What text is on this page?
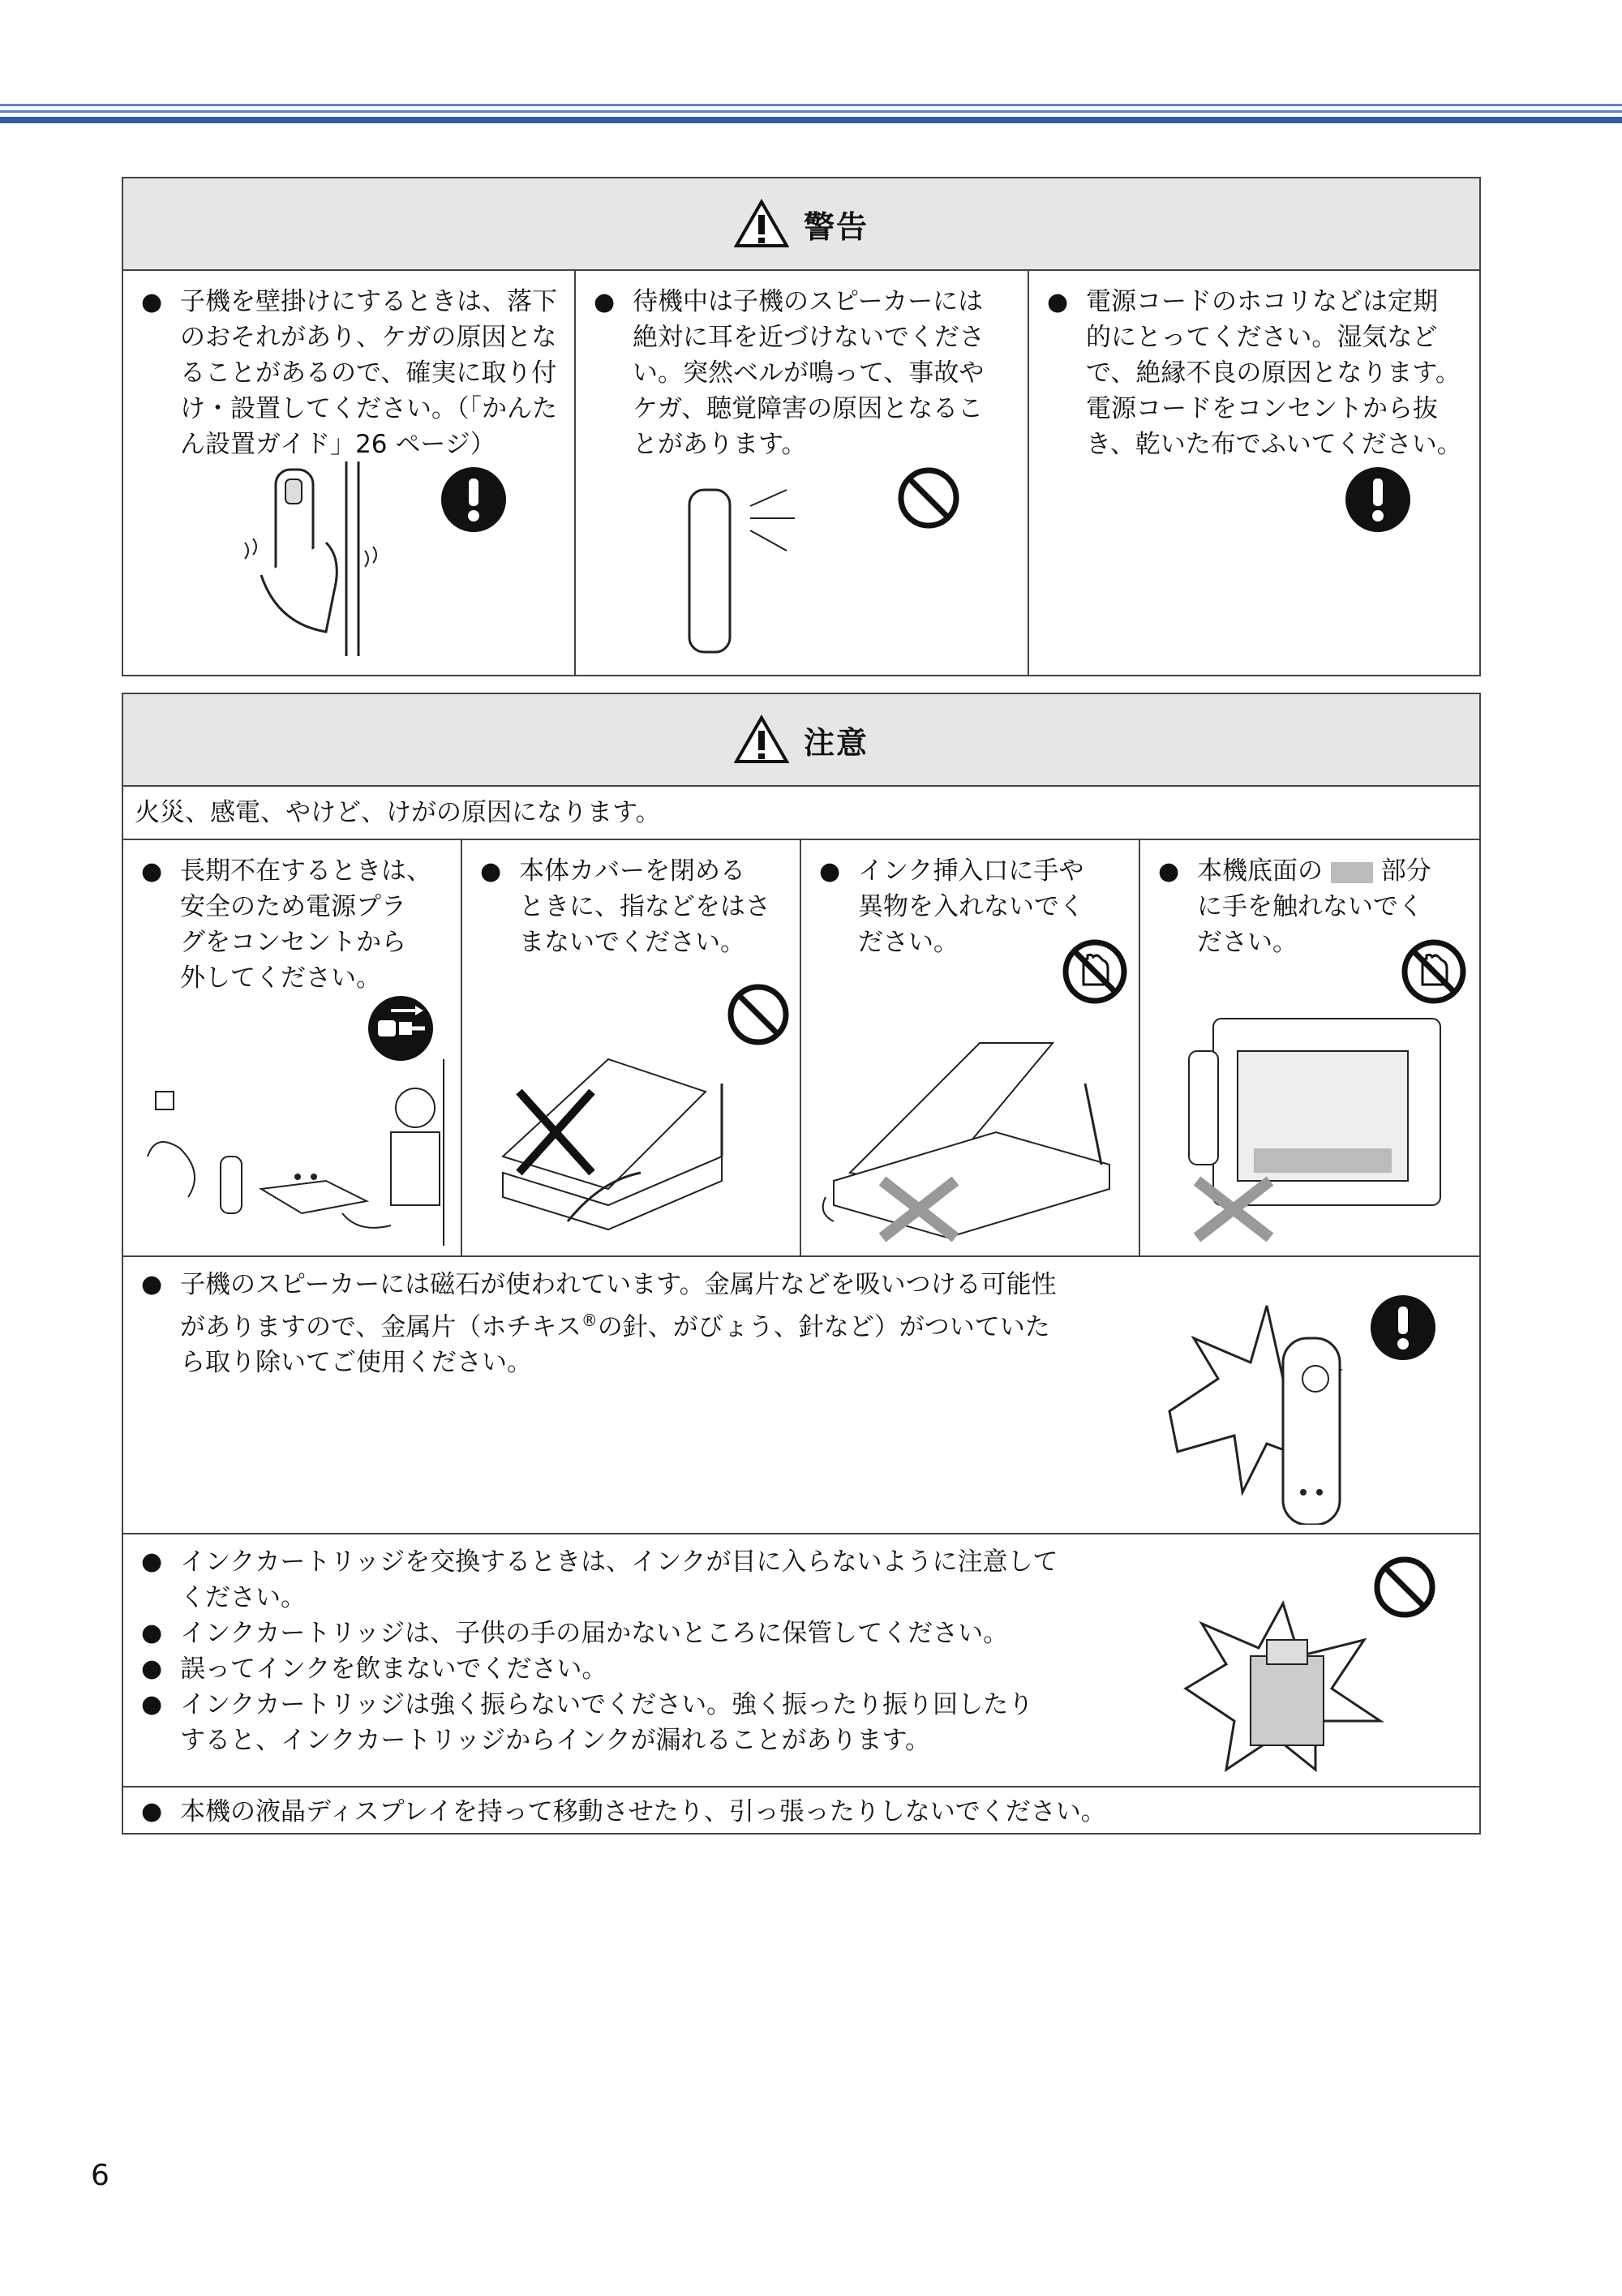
警告
● 子機を壁掛けにするときは、落下
のおそれがあり、ケガの原因とな
ることがあるので、確実に取り付
け・設置してください。（「かんた
ん設置ガイド」26 ページ）
● 待機中は子機のスピーカーには
絶対に耳を近づけないでくださ
い。突然ベルが鳴って、事故や
ケガ、聴覚障害の原因となるこ
とがあります。
● 電源コードのホコリなどは定期
的にとってください。湿気など
で、絶縁不良の原因となります。
電源コードをコンセントから抜
き、乾いた布でふいてください。
注意
火災、感電、やけど、けがの原因になります。
● 長期不在するときは、
安全のため電源プラ
グをコンセントから
外してください。
● 本体カバーを閉める
ときに、指などをはさ
まないでください。
● インク挿入口に手や
異物を入れないでく
ださい。
● 本機底面の 部分
に手を触れないでく
ださい。
● 子機のスピーカーには磁石が使われています。金属片などを吸いつける可能性
がありますので、金属片（ホチキス®の針、がびょう、針など）がついていた
ら取り除いてご使用ください。
● インクカートリッジを交換するときは、インクが目に入らないように注意して
ください。
● インクカートリッジは、子供の手の届かないところに保管してください。
● 誤ってインクを飲まないでください。
● インクカートリッジは強く振らないでください。強く振ったり振り回したり
すると、インクカートリッジからインクが漏れることがあります。
● 本機の液晶ディスプレイを持って移動させたり、引っ張ったりしないでください。
6
